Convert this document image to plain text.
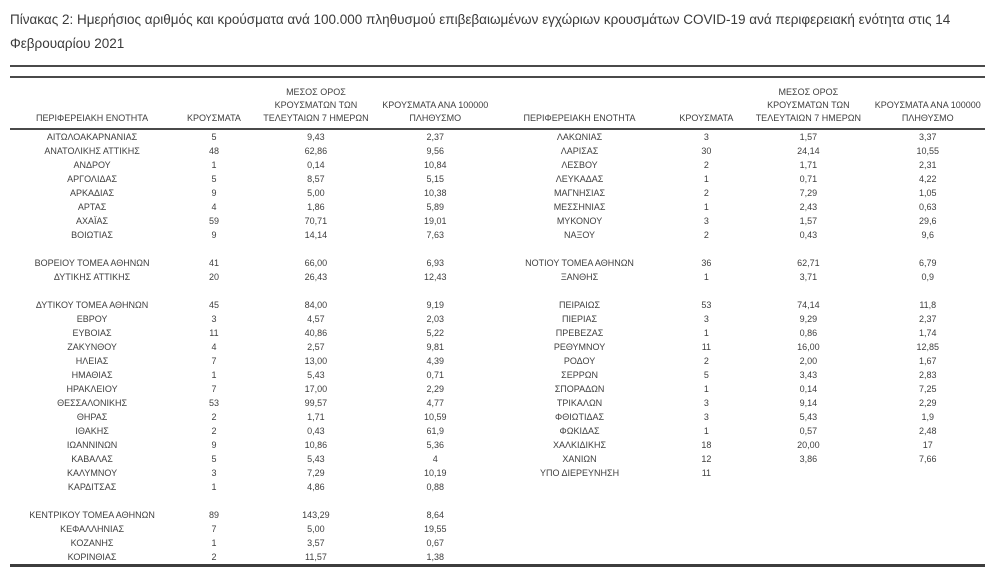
Πίνακας 2: Ημερήσιος αριθμός και κρούσματα ανά 100.000 πληθυσμού επιβεβαιωμένων εγχώριων κρουσμάτων COVID-19 ανά περιφερειακή ενότητα στις 14 Φεβρουαρίου 2021
ΠΕΡΙΦΕΡΕΙΑΚΗ ΕΝΟΤΗΤΑ	ΚΡΟΥΣΜΑΤΑ	ΜΕΣΟΣ ΟΡΟΣ ΚΡΟΥΣΜΑΤΩΝ ΤΩΝ ΤΕΛΕΥΤΑΙΩΝ 7 ΗΜΕΡΩΝ	ΚΡΟΥΣΜΑΤΑ ΑΝΑ 100000 ΠΛΗΘΥΣΜΟ	ΠΕΡΙΦΕΡΕΙΑΚΗ ΕΝΟΤΗΤΑ	ΚΡΟΥΣΜΑΤΑ	ΜΕΣΟΣ ΟΡΟΣ ΚΡΟΥΣΜΑΤΩΝ ΤΩΝ ΤΕΛΕΥΤΑΙΩΝ 7 ΗΜΕΡΩΝ	ΚΡΟΥΣΜΑΤΑ ΑΝΑ 100000 ΠΛΗΘΥΣΜΟ
ΑΙΤΩΛΟΑΚΑΡΝΑΝΙΑΣ	5	9,43	2,37	ΛΑΚΩΝΙΑΣ	3	1,57	3,37
ΑΝΑΤΟΛΙΚΗΣ ΑΤΤΙΚΗΣ	48	62,86	9,56	ΛΑΡΙΣΑΣ	30	24,14	10,55
ΑΝΔΡΟΥ	1	0,14	10,84	ΛΕΣΒΟΥ	2	1,71	2,31
ΑΡΓΟΛΙΔΑΣ	5	8,57	5,15	ΛΕΥΚΑΔΑΣ	1	0,71	4,22
ΑΡΚΑΔΙΑΣ	9	5,00	10,38	ΜΑΓΝΗΣΙΑΣ	2	7,29	1,05
ΑΡΤΑΣ	4	1,86	5,89	ΜΕΣΣΗΝΙΑΣ	1	2,43	0,63
ΑΧΑΪΑΣ	59	70,71	19,01	ΜΥΚΟΝΟΥ	3	1,57	29,6
ΒΟΙΩΤΙΑΣ	9	14,14	7,63	ΝΑΞΟΥ	2	0,43	9,6

ΒΟΡΕΙΟΥ ΤΟΜΕΑ ΑΘΗΝΩΝ	41	66,00	6,93	ΝΟΤΙΟΥ ΤΟΜΕΑ ΑΘΗΝΩΝ	36	62,71	6,79
ΔΥΤΙΚΗΣ ΑΤΤΙΚΗΣ	20	26,43	12,43	ΞΑΝΘΗΣ	1	3,71	0,9

ΔΥΤΙΚΟΥ ΤΟΜΕΑ ΑΘΗΝΩΝ	45	84,00	9,19	ΠΕΙΡΑΙΩΣ	53	74,14	11,8
ΕΒΡΟΥ	3	4,57	2,03	ΠΙΕΡΙΑΣ	3	9,29	2,37
ΕΥΒΟΙΑΣ	11	40,86	5,22	ΠΡΕΒΕΖΑΣ	1	0,86	1,74
ΖΑΚΥΝΘΟΥ	4	2,57	9,81	ΡΕΘΥΜΝΟΥ	11	16,00	12,85
ΗΛΕΙΑΣ	7	13,00	4,39	ΡΟΔΟΥ	2	2,00	1,67
ΗΜΑΘΙΑΣ	1	5,43	0,71	ΣΕΡΡΩΝ	5	3,43	2,83
ΗΡΑΚΛΕΙΟΥ	7	17,00	2,29	ΣΠΟΡΑΔΩΝ	1	0,14	7,25
ΘΕΣΣΑΛΟΝΙΚΗΣ	53	99,57	4,77	ΤΡΙΚΑΛΩΝ	3	9,14	2,29
ΘΗΡΑΣ	2	1,71	10,59	ΦΘΙΩΤΙΔΑΣ	3	5,43	1,9
ΙΘΑΚΗΣ	2	0,43	61,9	ΦΩΚΙΔΑΣ	1	0,57	2,48
ΙΩΑΝΝΙΝΩΝ	9	10,86	5,36	ΧΑΛΚΙΔΙΚΗΣ	18	20,00	17
ΚΑΒΑΛΑΣ	5	5,43	4	ΧΑΝΙΩΝ	12	3,86	7,66
ΚΑΛΥΜΝΟΥ	3	7,29	10,19	ΥΠΟ ΔΙΕΡΕΥΝΗΣΗ	11		
ΚΑΡΔΙΤΣΑΣ	1	4,86	0,88				

ΚΕΝΤΡΙΚΟΥ ΤΟΜΕΑ ΑΘΗΝΩΝ	89	143,29	8,64				
ΚΕΦΑΛΛΗΝΙΑΣ	7	5,00	19,55				
ΚΟΖΑΝΗΣ	1	3,57	0,67				
ΚΟΡΙΝΘΙΑΣ	2	11,57	1,38				
